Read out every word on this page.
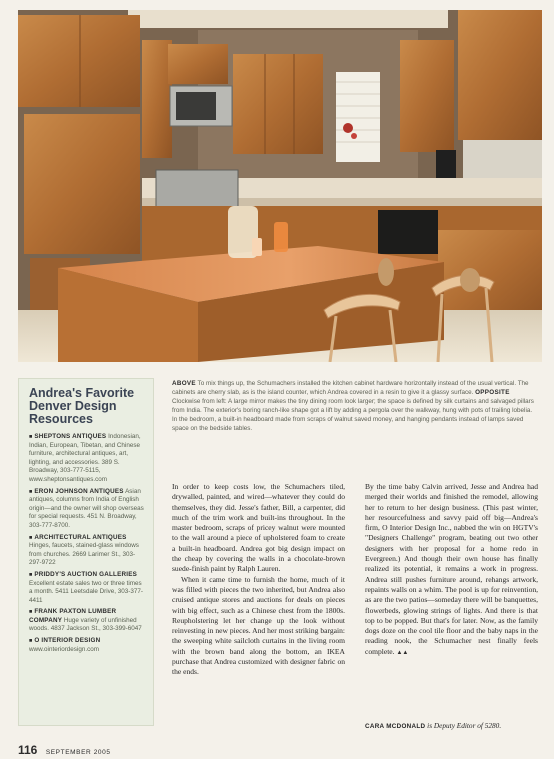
Andrea's Favorite Denver Design Resources
■ SHEPTONS ANTIQUES Indonesian, Indian, European, Tibetan, and Chinese furniture, architectural antiques, art, lighting, and accessories. 389 S. Broadway, 303-777-5115, www.sheptonsantiques.com
■ ERON JOHNSON ANTIQUES Asian antiques, columns from India of English origin—and the owner will shop overseas for special requests. 451 N. Broadway, 303-777-8700.
■ ARCHITECTURAL ANTIQUES Hinges, faucets, stained-glass windows from churches. 2669 Larimer St., 303-297-9722
■ PRIDDY'S AUCTION GALLERIES Excellent estate sales two or three times a month. 5411 Leetsdale Drive, 303-377-4411
■ FRANK PAXTON LUMBER COMPANY Huge variety of unfinished woods. 4837 Jackson St., 303-399-6047
■ O INTERIOR DESIGN
www.ointeriordesign.com
ABOVE To mix things up, the Schumachers installed the kitchen cabinet hardware horizontally instead of the usual vertical. The cabinets are cherry slab, as is the island counter, which Andrea covered in a resin to give it a glassy surface. OPPOSITE Clockwise from left: A large mirror makes the tiny dining room look larger; the space is defined by silk curtains and salvaged pillars from India. The exterior's boring ranch-like shape got a lift by adding a pergola over the walkway, hung with pots of trailing lobelia. In the bedroom, a built-in headboard made from scraps of walnut saved money, and hanging pendants instead of lamps saved space on the bedside tables.

In order to keep costs low, the Schumachers tiled, drywalled, painted, and wired—whatever they could do themselves, they did. Jesse's father, Bill, a carpenter, did much of the trim work and built-ins throughout. In the master bedroom, scraps of pricey walnut were mounted to the wall around a piece of upholstered foam to create a built-in headboard. Andrea got big design impact on the cheap by covering the walls in a chocolate-brown suede-finish paint by Ralph Lauren.

When it came time to furnish the home, much of it was filled with pieces the two inherited, but Andrea also cruised antique stores and auctions for deals on pieces with big effect, such as a Chinese chest from the 1800s. Reupholstering let her change up the look without reinvesting in new pieces. And her most striking bargain: the sweeping white sailcloth curtains in the living room with the brown band along the bottom, an IKEA purchase that Andrea customized with designer fabric on the ends.

By the time baby Calvin arrived, Jesse and Andrea had merged their worlds and finished the remodel, allowing her to return to her design business. (This past winter, her resourcefulness and savvy paid off big—Andrea's firm, O Interior Design Inc., nabbed the win on HGTV's "Designers Challenge" program, beating out two other designers with her proposal for a home redo in Evergreen.) And though their own house has finally realized its potential, it remains a work in progress. Andrea still pushes furniture around, rehangs artwork, repaints walls on a whim. The pool is up for reinvention, as are the two patios—someday there will be banquettes, flowerbeds, glowing strings of lights. And there is that top to be popped. But that's for later. Now, as the family dogs doze on the cool tile floor and the baby naps in the reading nook, the Schumacher nest finally feels complete. ▲▲

CARA MCDONALD is Deputy Editor of 5280.
116 SEPTEMBER 2005
